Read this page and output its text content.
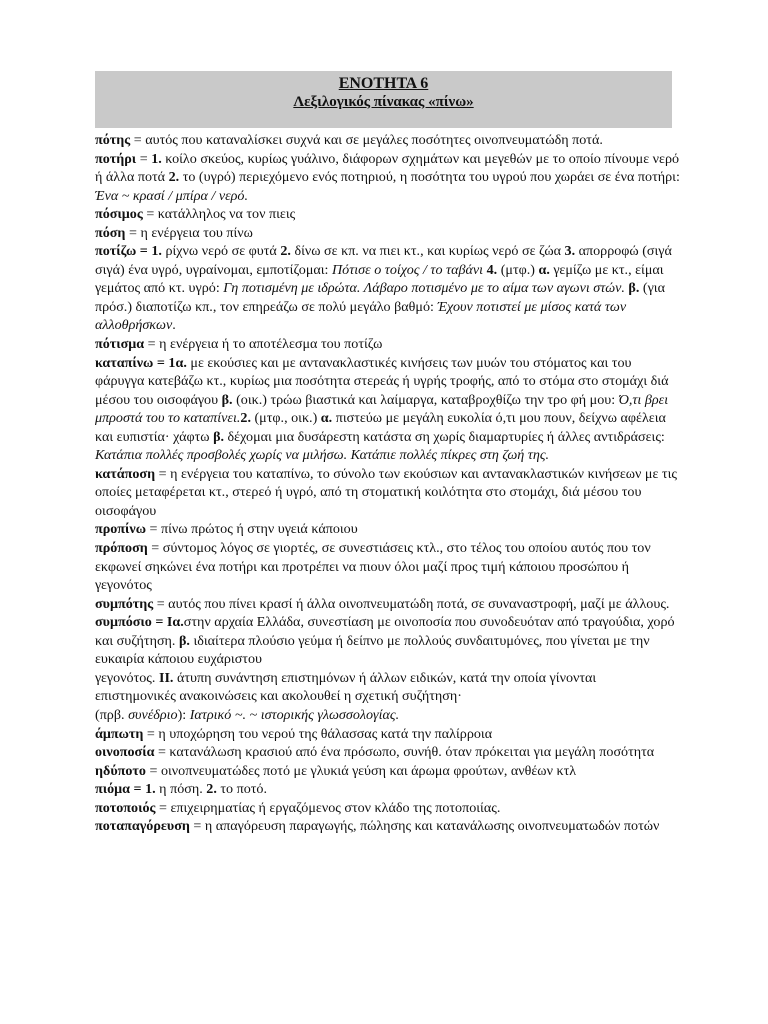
ΕΝΟΤΗΤΑ 6
Λεξιλογικός πίνακας «πίνω»

πότης = αυτός που καταναλίσκει συχνά και σε μεγάλες ποσότητες οινοπνευματώδη ποτά.

ποτήρι = 1. κοίλο σκεύος, κυρίως γυάλινο, διάφορων σχημάτων και μεγεθών με το οποίο πίνουμε νερό ή άλλα ποτά 2. το (υγρό) περιεχόμενο ενός ποτηριού, η ποσότητα του υγρού που χωράει σε ένα ποτήρι: Ένα ~ κρασί / μπίρα / νερό.

πόσιμος = κατάλληλος να τον πιεις

πόση = η ενέργεια του πίνω

ποτίζω = 1. ρίχνω νερό σε φυτά 2. δίνω σε κπ. να πιει κτ., και κυρίως νερό σε ζώα 3. απορροφώ (σιγά σιγά) ένα υγρό, υγραίνομαι, εμποτίζομαι: Πότισε ο τοίχος / το ταβάνι 4. (μτφ.) α. γεμίζω με κτ., είμαι γεμάτος από κτ. υγρό: Γη ποτισμένη με ιδρώτα. Λάβαρο ποτισμένο με το αίμα των αγωνι στών. β. (για πρόσ.) διαποτίζω κπ., τον επηρεάζω σε πολύ μεγάλο βαθμό: Έχουν ποτιστεί με μίσος κατά των αλλοθρήσκων.

πότισμα = η ενέργεια ή το αποτέλεσμα του ποτίζω

καταπίνω = 1α. με εκούσιες και με αντανακλαστικές κινήσεις των μυών του στόματος και του φάρυγγα κατεβάζω κτ., κυρίως μια ποσότητα στερεάς ή υγρής τροφής, από το στόμα στο στομάχι διά μέσου του οισοφάγου β. (οικ.) τρώω βιαστικά και λαίμαργα, καταβροχθίζω την τρο φή μου: Ό,τι βρει μπροστά του το καταπίνει.2. (μτφ., οικ.) α. πιστεύω με μεγάλη ευκολία ό,τι μου πουν, δείχνω αφέλεια και ευπιστία· χάφτω β. δέχομαι μια δυσάρεστη κατάστα ση χωρίς διαμαρτυρίες ή άλλες αντιδράσεις: Κατάπια πολλές προσβολές χωρίς να μιλήσω. Κατάπιε πολλές πίκρες στη ζωή της.

κατάποση = η ενέργεια του καταπίνω, το σύνολο των εκούσιων και αντανακλαστικών κινήσεων με τις οποίες μεταφέρεται κτ., στερεό ή υγρό, από τη στοματική κοιλότητα στο στομάχι, διά μέσου του οισοφάγου

προπίνω = πίνω πρώτος ή στην υγειά κάποιου

πρόποση = σύντομος λόγος σε γιορτές, σε συνεστιάσεις κτλ., στο τέλος του οποίου αυτός που τον εκφωνεί σηκώνει ένα ποτήρι και προτρέπει να πιουν όλοι μαζί προς τιμή κάποιου προσώπου ή γεγονότος

συμπότης = αυτός που πίνει κρασί ή άλλα οινοπνευματώδη ποτά, σε συναναστροφή, μαζί με άλλους.

συμπόσιο = Ια.στην αρχαία Ελλάδα, συνεστίαση με οινοποσία που συνοδευόταν από τραγούδια, χορό και συζήτηση. β. ιδιαίτερα πλούσιο γεύμα ή δείπνο με πολλούς συνδαιτυμόνες, που γίνεται με την ευκαιρία κάποιου ευχάριστου
γεγονότος. ΙΙ. άτυπη συνάντηση επιστημόνων ή άλλων ειδικών, κατά την οποία γίνονται επιστημονικές ανακοινώσεις και ακολουθεί η σχετική συζήτηση·
(πρβ. συνέδριο): Ιατρικό ~. ~ ιστορικής γλωσσολογίας.

άμπωτη = η υποχώρηση του νερού της θάλασσας κατά την παλίρροια

οινοποσία = κατανάλωση κρασιού από ένα πρόσωπο, συνήθ. όταν πρόκειται για μεγάλη ποσότητα

ηδύποτο = οινοπνευματώδες ποτό με γλυκιά γεύση και άρωμα φρούτων, ανθέων κτλ

πιόμα = 1. η πόση. 2. το ποτό.

ποτοποιός = επιχειρηματίας ή εργαζόμενος στον κλάδο της ποτοποιίας.

ποταπαγόρευση = η απαγόρευση παραγωγής, πώλησης και κατανάλωσης οινοπνευματωδών ποτών
